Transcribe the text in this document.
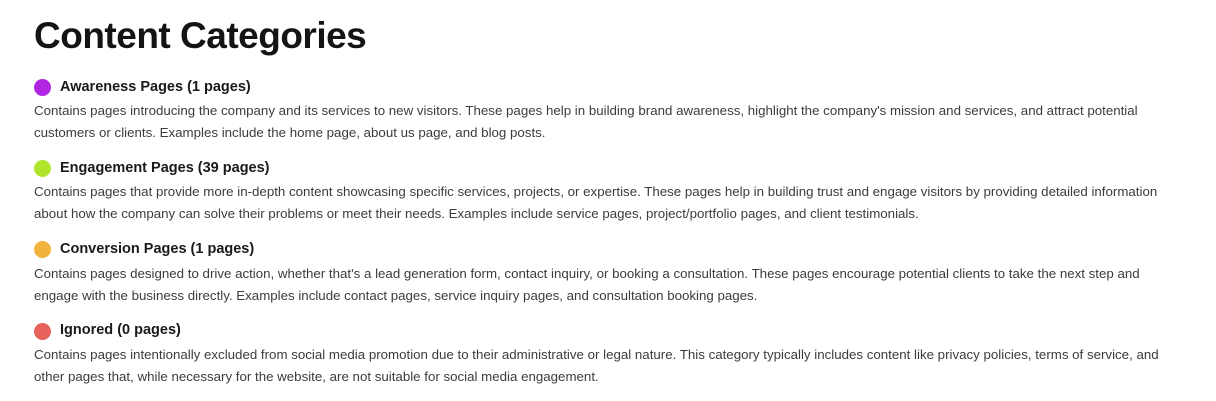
Content Categories
Awareness Pages (1 pages)

Contains pages introducing the company and its services to new visitors. These pages help in building brand awareness, highlight the company's mission and services, and attract potential customers or clients. Examples include the home page, about us page, and blog posts.

Engagement Pages (39 pages)

Contains pages that provide more in-depth content showcasing specific services, projects, or expertise. These pages help in building trust and engage visitors by providing detailed information about how the company can solve their problems or meet their needs. Examples include service pages, project/portfolio pages, and client testimonials.

Conversion Pages (1 pages)

Contains pages designed to drive action, whether that's a lead generation form, contact inquiry, or booking a consultation. These pages encourage potential clients to take the next step and engage with the business directly. Examples include contact pages, service inquiry pages, and consultation booking pages.

Ignored (0 pages)

Contains pages intentionally excluded from social media promotion due to their administrative or legal nature. This category typically includes content like privacy policies, terms of service, and other pages that, while necessary for the website, are not suitable for social media engagement.
